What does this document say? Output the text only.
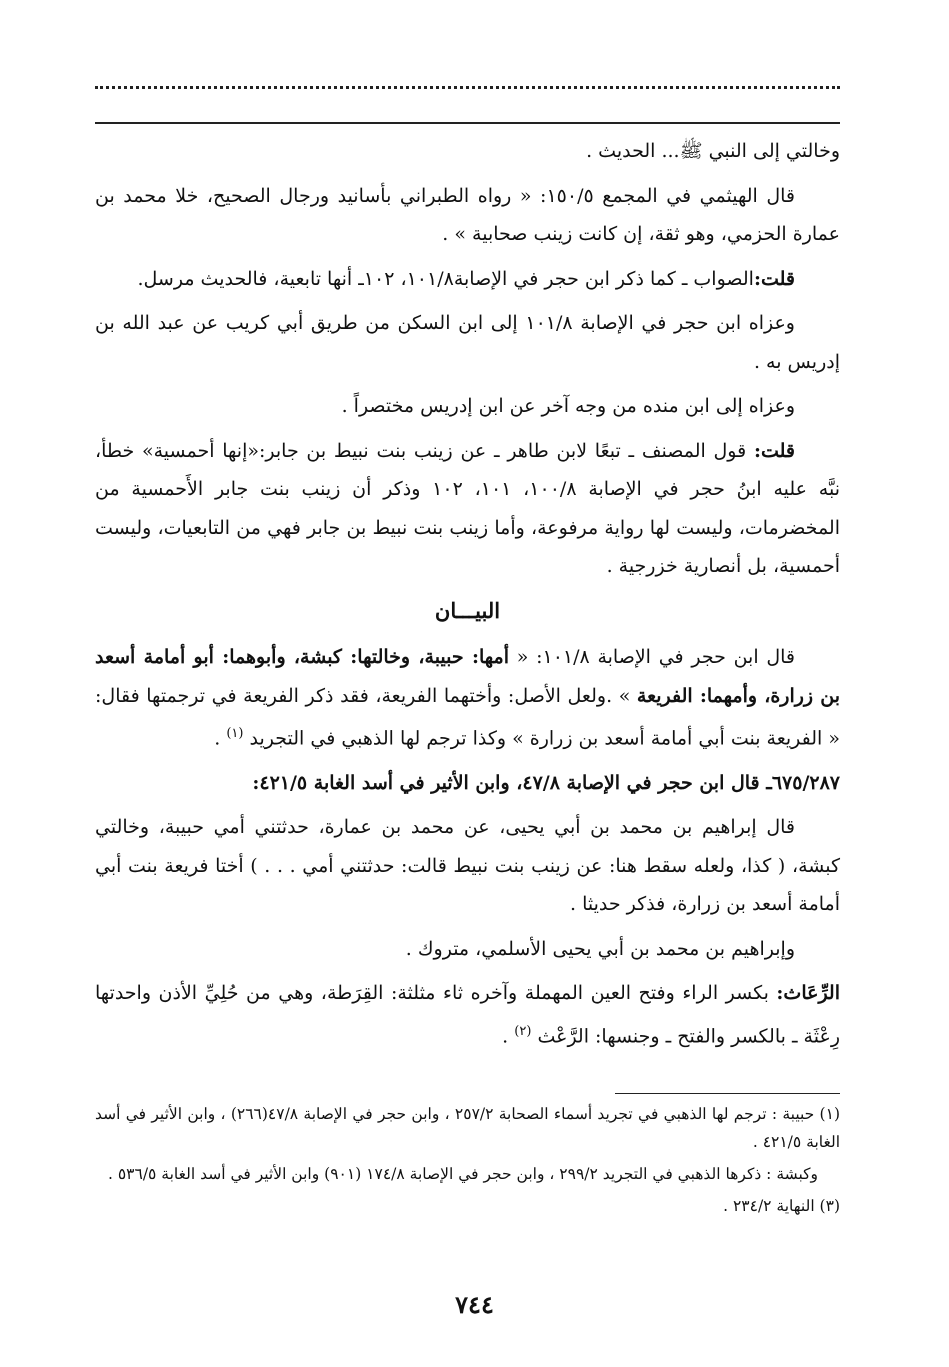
وخالتي إلى النبي ﷺ... الحديث .

قال الهيثمي في المجمع ١٥٠/٥: « رواه الطبراني بأسانيد ورجال الصحيح، خلا محمد بن عمارة الحزمي، وهو ثقة، إن كانت زينب صحابية » .

قلت:الصواب ـ كما ذكر ابن حجر في الإصابة١٠١/٨، ١٠٢ـ أنها تابعية، فالحديث مرسل.

وعزاه ابن حجر في الإصابة ١٠١/٨ إلى ابن السكن من طريق أبي كريب عن عبد الله بن إدريس به .

وعزاه إلى ابن منده من وجه آخر عن ابن إدريس مختصراً .

قلت: قول المصنف ـ تبعًا لابن طاهر ـ عن زينب بنت نبيط بن جابر:«إنها أحمسية» خطأ، نبَّه عليه ابنُ حجر في الإصابة ١٠٠/٨، ١٠١، ١٠٢ وذكر أن زينب بنت جابر الأَحمسية من المخضرمات، وليست لها رواية مرفوعة، وأما زينب بنت نبيط بن جابر فهي من التابعيات، وليست أحمسية، بل أنصارية خزرجية .

البيـــان

قال ابن حجر في الإصابة ١٠١/٨: « أمها: حبيبة، وخالتها: كبشة، وأبوهما: أبو أمامة أسعد بن زرارة، وأمهما: الفريعة » .ولعل الأصل: وأختهما الفريعة، فقد ذكر الفريعة في ترجمتها فقال: « الفريعة بنت أبي أمامة أسعد بن زرارة » وكذا ترجم لها الذهبي في التجريد $^{(١)}$ .

٦٧٥/٢٨٧ـ قال ابن حجر في الإصابة ٤٧/٨، وابن الأثير في أسد الغابة ٤٢١/٥:

قال إبراهيم بن محمد بن أبي يحيى، عن محمد بن عمارة، حدثتني أمي حبيبة، وخالتي كبشة، ( كذا، ولعله سقط هنا: عن زينب بنت نبيط قالت: حدثتني أمي . . . ) أختا فريعة بنت أبي أمامة أسعد بن زرارة، فذكر حديثا .

وإبراهيم بن محمد بن أبي يحيى الأسلمي، متروك .

الرِّعَاث: بكسر الراء وفتح العين المهملة وآخره ثاء مثلثة: القِرَطة، وهي من حُلِيِّ الأذن واحدتها رِعْثَة ـ بالكسر والفتح ـ وجنسها: الرَّعْث $^{(٢)}$ .

(١) حبيبة : ترجم لها الذهبي في تجريد أسماء الصحابة ٢٥٧/٢ ، وابن حجر في الإصابة ٤٧/٨(٢٦٦) ، وابن الأثير في أسد الغابة ٤٢١/٥ .

وكبشة : ذكرها الذهبي في التجريد ٢٩٩/٢ ، وابن حجر في الإصابة ١٧٤/٨ (٩٠١) وابن الأثير في أسد الغابة ٥٣٦/٥ .

(٣) النهاية ٢٣٤/٢ .

٧٤٤
